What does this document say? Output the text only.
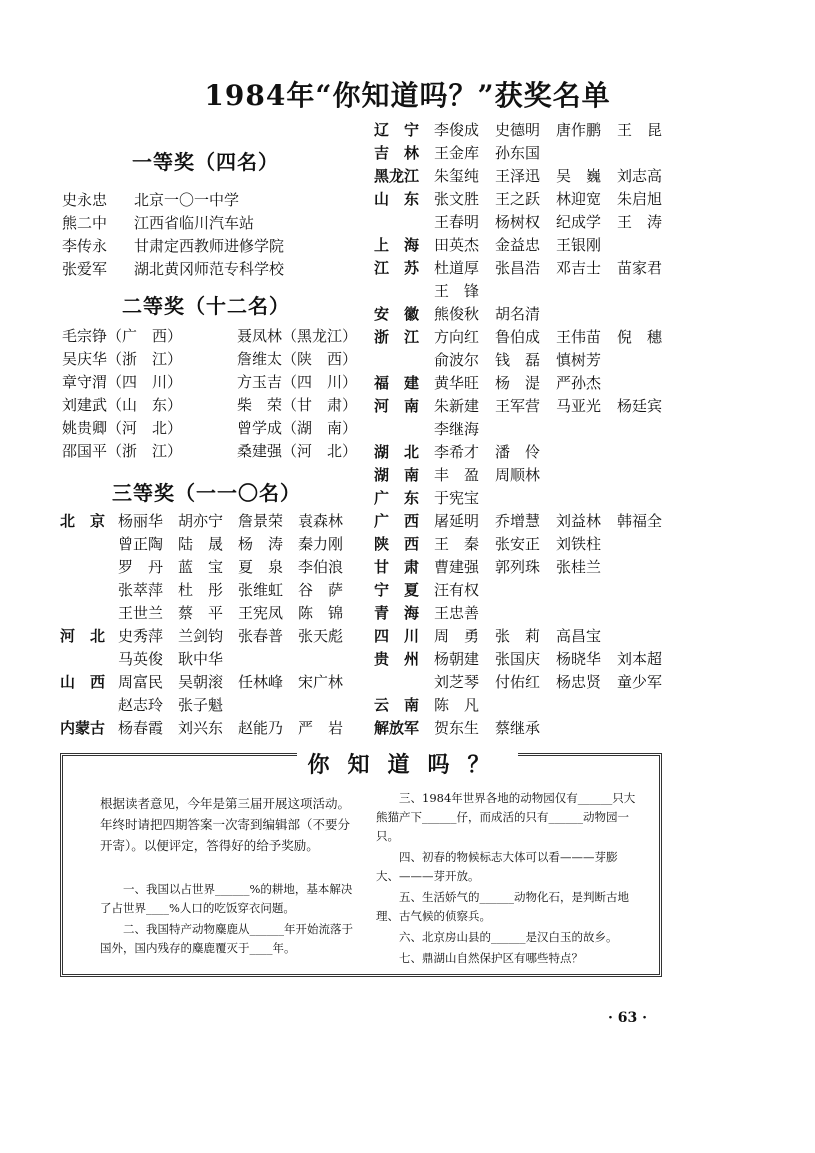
1984年“你知道吗？”获奖名单
一等奖（四名）
史永忠 北京一〇一中学
熊二中 江西省临川汽车站
李传永 甘肃定西教师进修学院
张爱军 湖北黄冈师范专科学校
二等奖（十二名）
毛宗铮（广　西）	聂凤林（黑龙江）
吴庆华（浙　江）	詹维太（陕　西）
章守渭（四　川）	方玉吉（四　川）
刘建武（山　东）	柴　荣（甘　肃）
姚贵卿（河　北）	曾学成（湖　南）
邵国平（浙　江）	桑建强（河　北）
三等奖（一一〇名）
北　京 杨丽华 胡亦宁 詹景荣 袁森林
曾正陶 陆　晟 杨　涛 秦力刚
罗　丹 蓝　宝 夏　泉 李伯浪
张萃萍 杜　彤 张维虹 谷　萨
王世兰 蔡　平 王宪凤 陈　锦
河　北 史秀萍 兰剑钧 张春普 张天彪
马英俊 耿中华
山　西 周富民 吴朝滚 任林峰 宋广林
赵志玲 张子魁
内蒙古 杨春霞 刘兴东 赵能乃 严　岩
辽　宁 李俊成 史德明 唐作鹏 王　昆
吉　林 王金库 孙东国
黑龙江 朱玺纯 王泽迅 吴　巍 刘志高
山　东 张文胜 王之跃 林迎宽 朱启旭
王春明 杨树权 纪成学 王　涛
上　海 田英杰 金益忠 王银刚
江　苏 杜道厚 张昌浩 邓吉士 苗家君
王　锋
安　徽 熊俊秋 胡名清
浙　江 方向红 鲁伯成 王伟苗 倪　穗
俞波尔 钱　磊 慎树芳
福　建 黄华旺 杨　湜 严孙杰
河　南 朱新建 王军营 马亚光 杨廷宾
李继海
湖　北 李希才 潘　伶
湖　南 丰　盈 周顺林
广　东 于宪宝
广　西 屠延明 乔增慧 刘益林 韩福全
陕　西 王　秦 张安正 刘铁柱
甘　肃 曹建强 郭列珠 张桂兰
宁　夏 汪有权
青　海 王忠善
四　川 周　勇 张　莉 高昌宝
贵　州 杨朝建 张国庆 杨晓华 刘本超
刘芝琴 付佑红 杨忠贤 童少军
云　南 陈　凡
解放军 贺东生 蔡继承
你知道吗？
根据读者意见，今年是第三届开展这项活动。年终时请把四期答案一次寄到编辑部（不要分开寄）。以便评定，答得好的给予奖励。
一、我国以占世界______%的耕地，基本解决了占世界____%人口的吃饭穿衣问题。
二、我国特产动物麋鹿从______年开始流落于国外，国内残存的麋鹿覆灭于____年。
三、1984年世界各地的动物园仅有______只大熊猫产下______仔，而成活的只有______动物园一只。
四、初春的物候标志大体可以看———芽膨大、———芽开放。
五、生活娇气的______动物化石，是判断古地理、古气候的侦察兵。
六、北京房山县的______是汉白玉的故乡。
七、鼎湖山自然保护区有哪些特点？
· 63 ·
